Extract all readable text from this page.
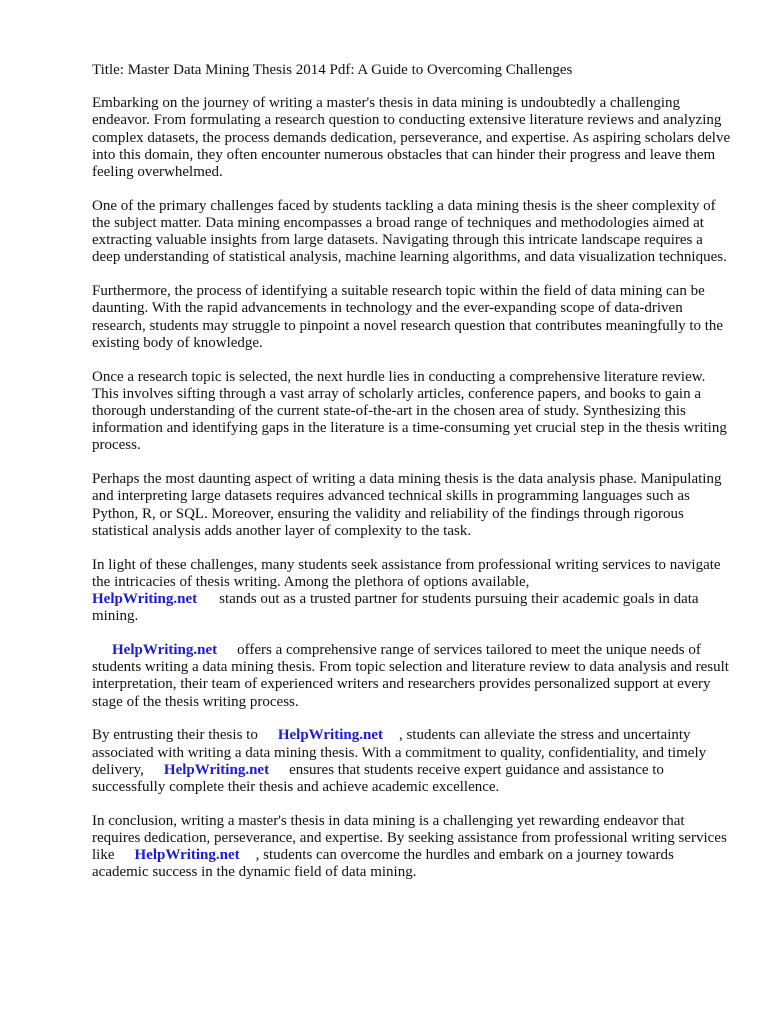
Title: Master Data Mining Thesis 2014 Pdf: A Guide to Overcoming Challenges

Embarking on the journey of writing a master's thesis in data mining is undoubtedly a challenging endeavor. From formulating a research question to conducting extensive literature reviews and analyzing complex datasets, the process demands dedication, perseverance, and expertise. As aspiring scholars delve into this domain, they often encounter numerous obstacles that can hinder their progress and leave them feeling overwhelmed.

One of the primary challenges faced by students tackling a data mining thesis is the sheer complexity of the subject matter. Data mining encompasses a broad range of techniques and methodologies aimed at extracting valuable insights from large datasets. Navigating through this intricate landscape requires a deep understanding of statistical analysis, machine learning algorithms, and data visualization techniques.

Furthermore, the process of identifying a suitable research topic within the field of data mining can be daunting. With the rapid advancements in technology and the ever-expanding scope of data-driven research, students may struggle to pinpoint a novel research question that contributes meaningfully to the existing body of knowledge.

Once a research topic is selected, the next hurdle lies in conducting a comprehensive literature review. This involves sifting through a vast array of scholarly articles, conference papers, and books to gain a thorough understanding of the current state-of-the-art in the chosen area of study. Synthesizing this information and identifying gaps in the literature is a time-consuming yet crucial step in the thesis writing process.

Perhaps the most daunting aspect of writing a data mining thesis is the data analysis phase. Manipulating and interpreting large datasets requires advanced technical skills in programming languages such as Python, R, or SQL. Moreover, ensuring the validity and reliability of the findings through rigorous statistical analysis adds another layer of complexity to the task.

In light of these challenges, many students seek assistance from professional writing services to navigate the intricacies of thesis writing. Among the plethora of options available,
HelpWriting.net stands out as a trusted partner for students pursuing their academic goals in data mining.

HelpWriting.net offers a comprehensive range of services tailored to meet the unique needs of students writing a data mining thesis. From topic selection and literature review to data analysis and result interpretation, their team of experienced writers and researchers provides personalized support at every stage of the thesis writing process.

By entrusting their thesis to HelpWriting.net , students can alleviate the stress and uncertainty associated with writing a data mining thesis. With a commitment to quality, confidentiality, and timely delivery, HelpWriting.net ensures that students receive expert guidance and assistance to successfully complete their thesis and achieve academic excellence.

In conclusion, writing a master's thesis in data mining is a challenging yet rewarding endeavor that requires dedication, perseverance, and expertise. By seeking assistance from professional writing services like HelpWriting.net , students can overcome the hurdles and embark on a journey towards academic success in the dynamic field of data mining.
